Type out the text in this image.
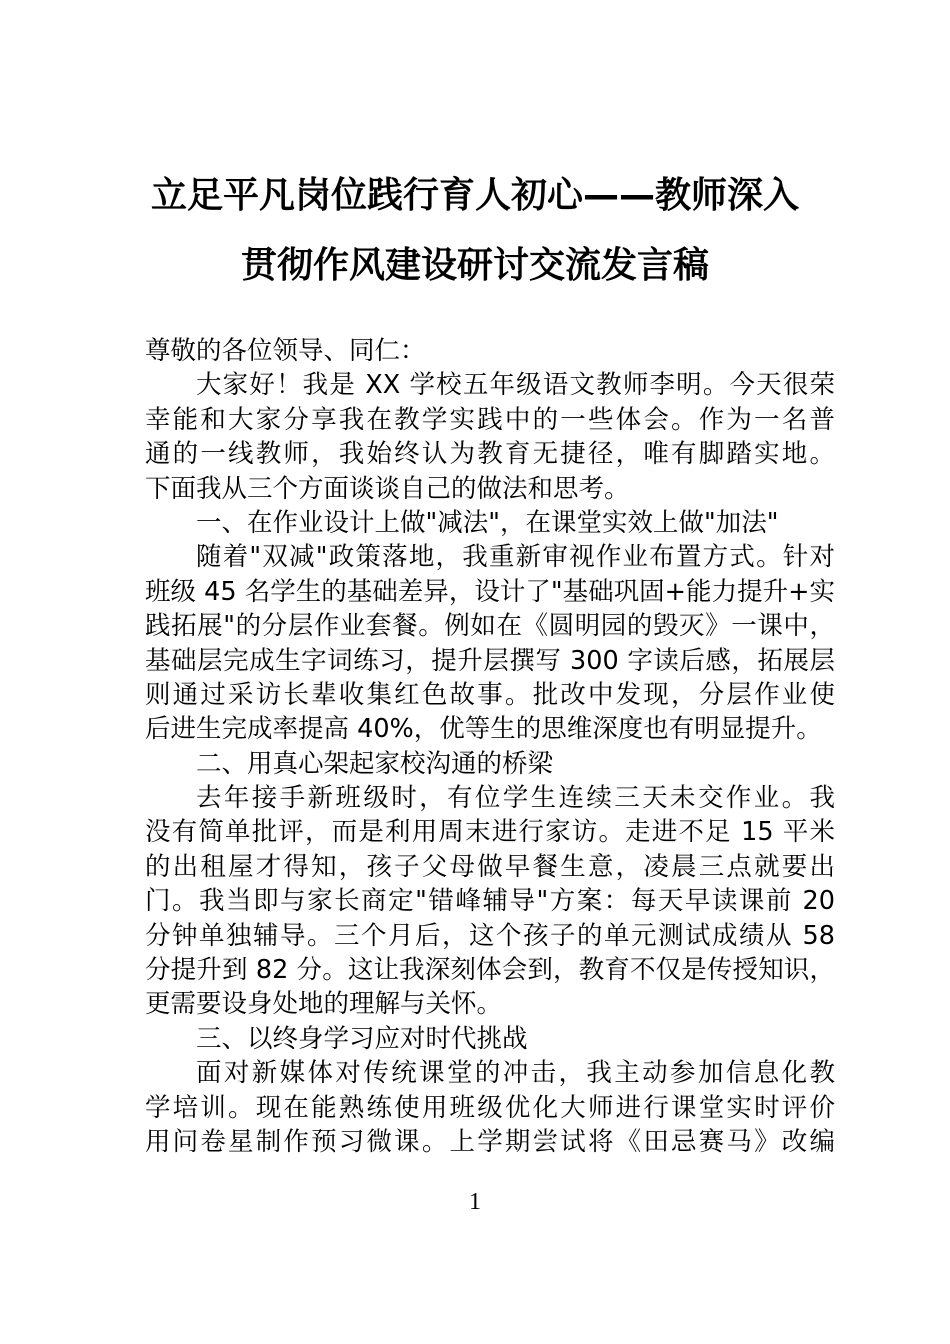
立足平凡岗位践行育人初心——教师深入
贯彻作风建设研讨交流发言稿
尊敬的各位领导、同仁：
大家好！我是 XX 学校五年级语文教师李明。今天很荣
幸能和大家分享我在教学实践中的一些体会。作为一名普
通的一线教师，我始终认为教育无捷径，唯有脚踏实地。
下面我从三个方面谈谈自己的做法和思考。
一、在作业设计上做"减法"，在课堂实效上做"加法"
随着"双减"政策落地，我重新审视作业布置方式。针对
班级 45 名学生的基础差异，设计了"基础巩固+能力提升+实
践拓展"的分层作业套餐。例如在《圆明园的毁灭》一课中，
基础层完成生字词练习，提升层撰写 300 字读后感，拓展层
则通过采访长辈收集红色故事。批改中发现，分层作业使
后进生完成率提高 40%，优等生的思维深度也有明显提升。
二、用真心架起家校沟通的桥梁
去年接手新班级时，有位学生连续三天未交作业。我
没有简单批评，而是利用周末进行家访。走进不足 15 平米
的出租屋才得知，孩子父母做早餐生意，凌晨三点就要出
门。我当即与家长商定"错峰辅导"方案：每天早读课前 20
分钟单独辅导。三个月后，这个孩子的单元测试成绩从 58
分提升到 82 分。这让我深刻体会到，教育不仅是传授知识，
更需要设身处地的理解与关怀。
三、以终身学习应对时代挑战
面对新媒体对传统课堂的冲击，我主动参加信息化教
学培训。现在能熟练使用班级优化大师进行课堂实时评价
用问卷星制作预习微课。上学期尝试将《田忌赛马》改编
1
